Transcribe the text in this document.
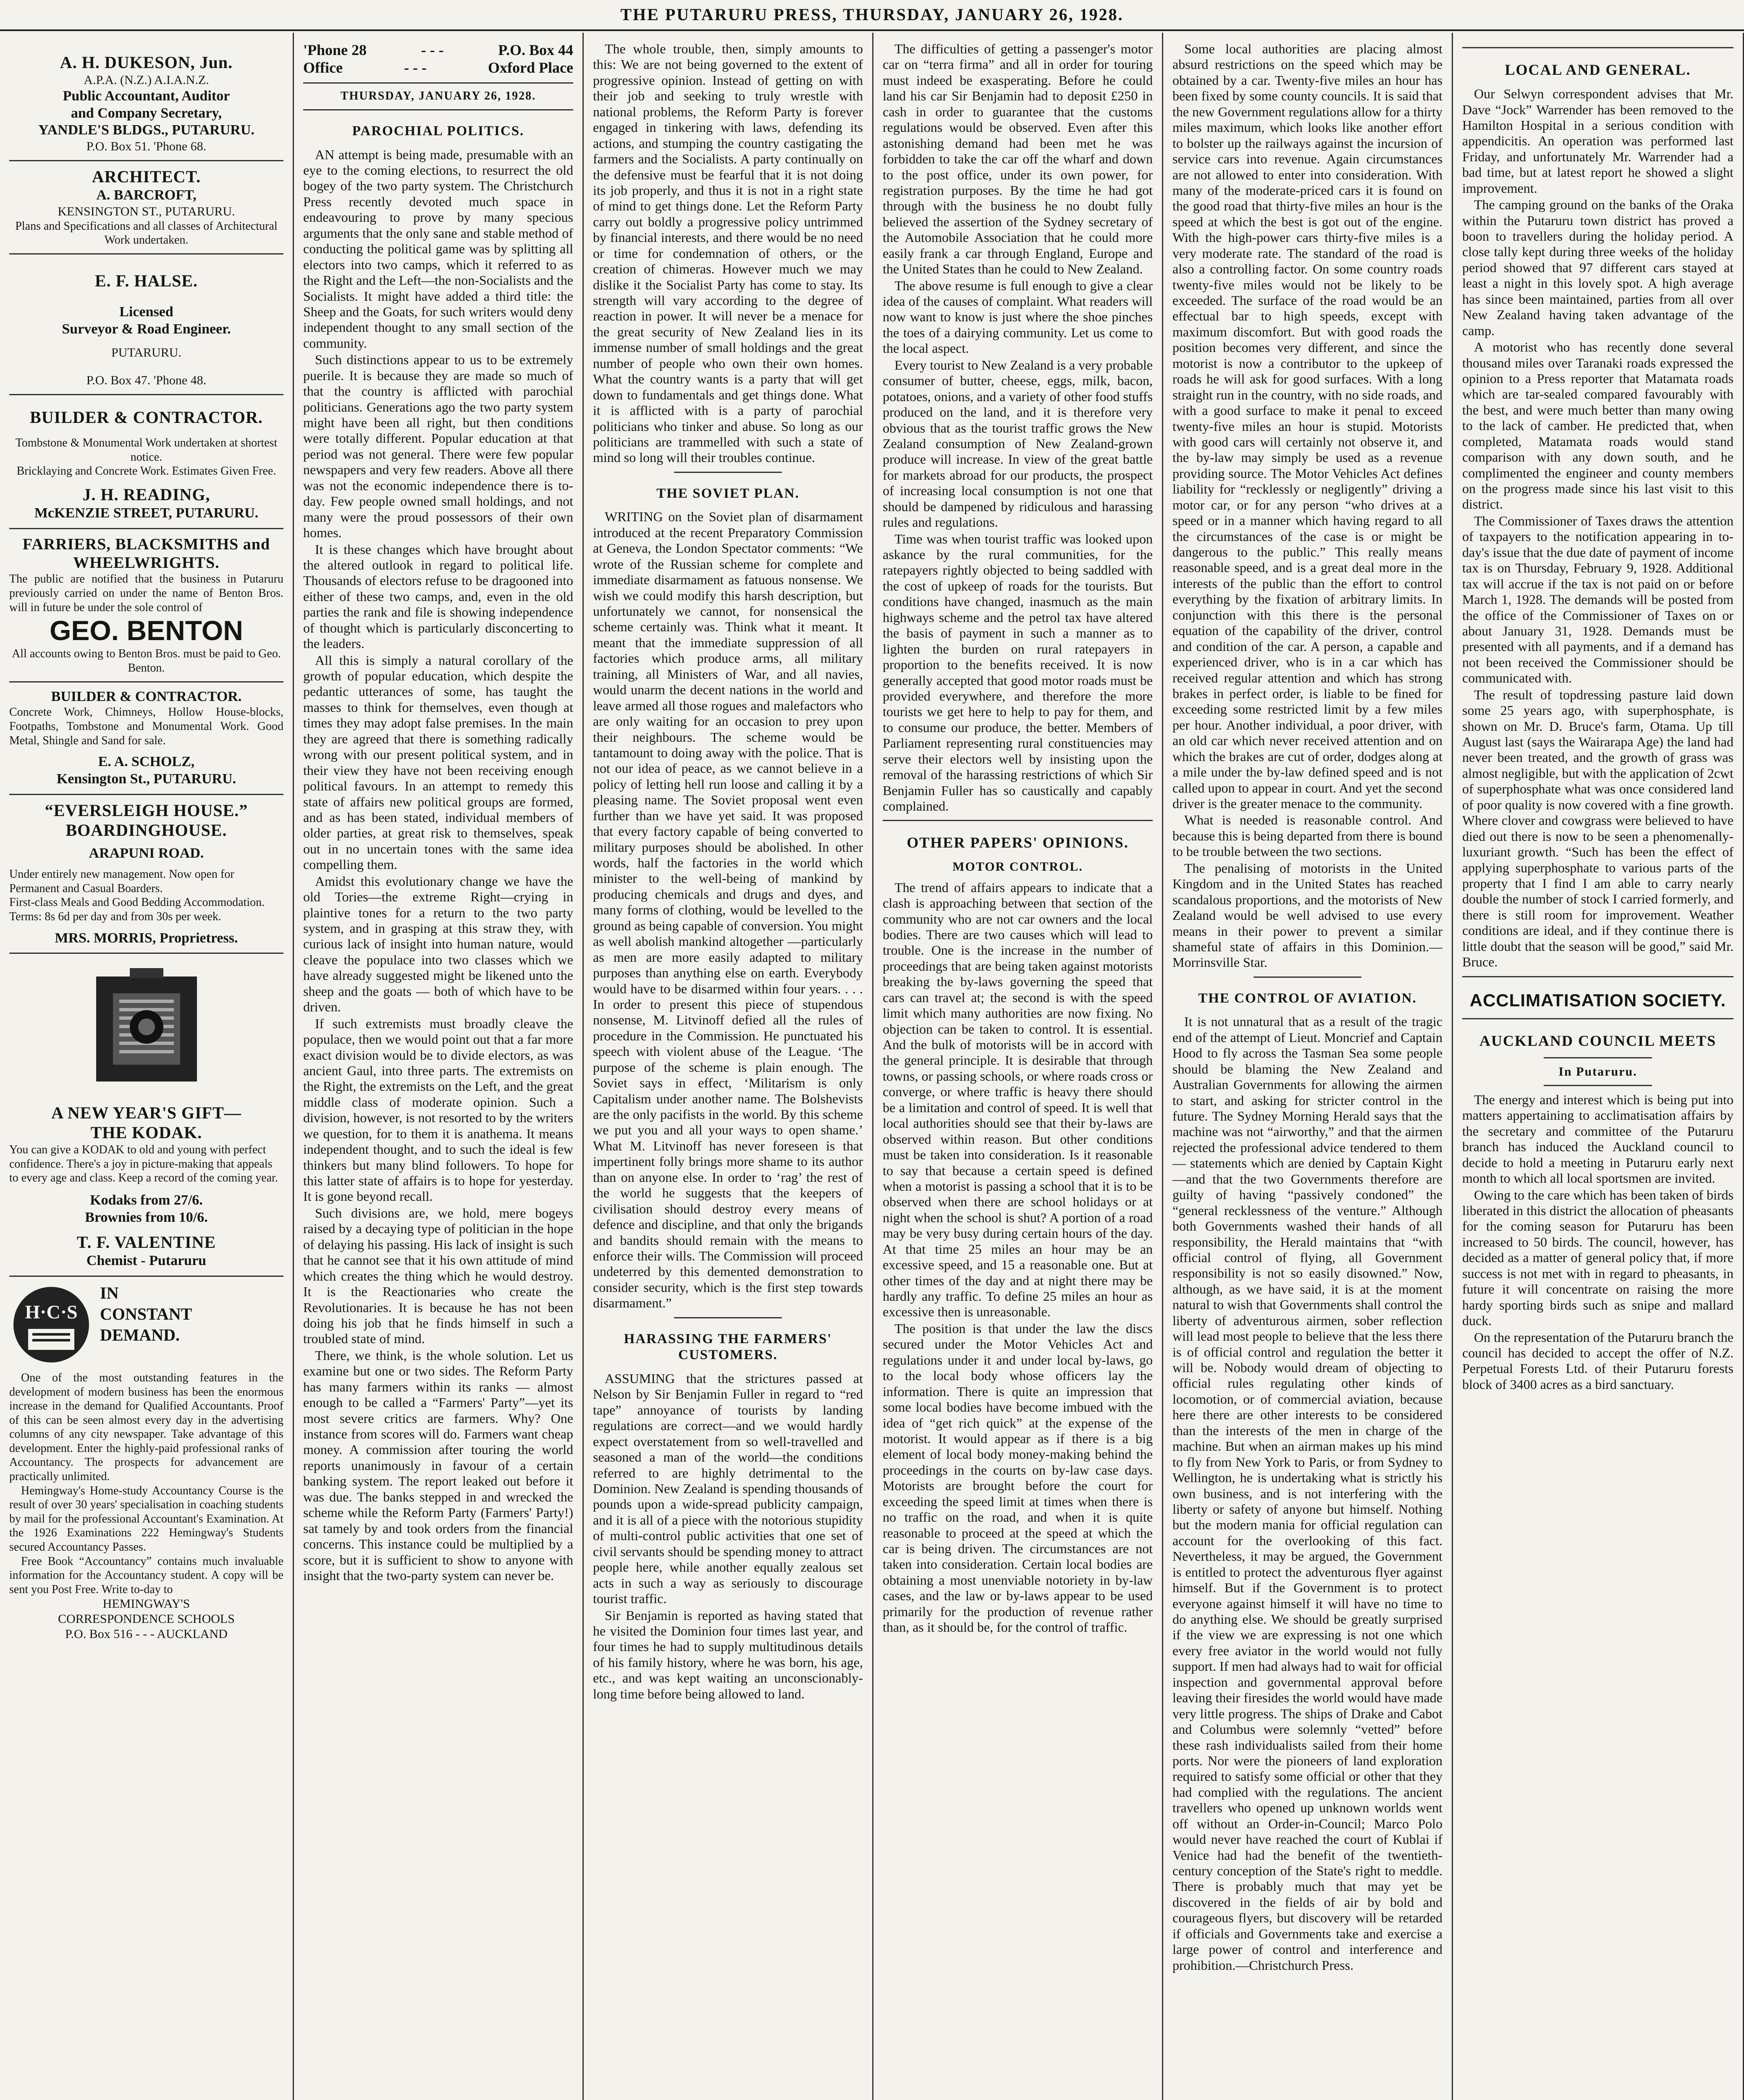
THE PUTARURU PRESS, THURSDAY, JANUARY 26, 1928.
A. H. DUKESON, Jun.
A.P.A. (N.Z.) A.I.A.N.Z.
Public Accountant, Auditor
and Company Secretary,
YANDLE'S BLDGS., PUTARURU.
P.O. Box 51. 'Phone 68.
ARCHITECT.
A. BARCROFT,
KENSINGTON ST., PUTARURU.
Plans and Specifications and all classes of Architectural Work undertaken.
E. F. HALSE.
Licensed
Surveyor & Road Engineer.
PUTARURU.
P.O. Box 47. 'Phone 48.
BUILDER & CONTRACTOR.
Tombstone & Monumental Work undertaken at shortest notice.
Bricklaying and Concrete Work. Estimates Given Free.
J. H. READING,
McKENZIE STREET, PUTARURU.
FARRIERS, BLACKSMITHS and WHEELWRIGHTS.
The public are notified that the business in Putaruru previously carried on under the name of Benton Bros. will in future be under the sole control of
GEO. BENTON
All accounts owing to Benton Bros. must be paid to Geo. Benton.
BUILDER & CONTRACTOR.
Concrete Work, Chimneys, Hollow House-blocks, Footpaths, Tombstone and Monumental Work. Good Metal, Shingle and Sand for sale.
E. A. SCHOLZ,
Kensington St., PUTARURU.
“EVERSLEIGH HOUSE.”
BOARDINGHOUSE.
ARAPUNI ROAD.
Under entirely new management. Now open for Permanent and Casual Boarders.
First-class Meals and Good Bedding Accommodation.
Terms: 8s 6d per day and from 30s per week.
MRS. MORRIS, Proprietress.
A NEW YEAR'S GIFT—
THE KODAK.
You can give a KODAK to old and young with perfect confidence. There's a joy in picture-making that appeals to every age and class. Keep a record of the coming year.
Kodaks from 27/6.
Brownies from 10/6.
T. F. VALENTINE
Chemist - Putaruru
H·C·S
IN
CONSTANT
DEMAND.

One of the most outstanding features in the development of modern business has been the enormous increase in the demand for Qualified Accountants. Proof of this can be seen almost every day in the advertising columns of any city newspaper. Take advantage of this development. Enter the highly-paid professional ranks of Accountancy. The prospects for advancement are practically unlimited.

Hemingway's Home-study Accountancy Course is the result of over 30 years' specialisation in coaching students by mail for the professional Accountant's Examination. At the 1926 Examinations 222 Hemingway's Students secured Accountancy Passes.

Free Book “Accountancy” contains much invaluable information for the Accountancy student. A copy will be sent you Post Free. Write to-day to

HEMINGWAY'S
CORRESPONDENCE SCHOOLS
P.O. Box 516 - - - AUCKLAND
'Phone 28	- - -	P.O. Box 44
Office	- - -	Oxford Place
THURSDAY, JANUARY 26, 1928.
PAROCHIAL POLITICS.

AN attempt is being made, presumable with an eye to the coming elections, to resurrect the old bogey of the two party system. The Christchurch Press recently devoted much space in endeavouring to prove by many specious arguments that the only sane and stable method of conducting the political game was by splitting all electors into two camps, which it referred to as the Right and the Left—the non-Socialists and the Socialists. It might have added a third title: the Sheep and the Goats, for such writers would deny independent thought to any small section of the community.

Such distinctions appear to us to be extremely puerile. It is because they are made so much of that the country is afflicted with parochial politicians. Generations ago the two party system might have been all right, but then conditions were totally different. Popular education at that period was not general. There were few popular newspapers and very few readers. Above all there was not the economic independence there is to-day. Few people owned small holdings, and not many were the proud possessors of their own homes.

It is these changes which have brought about the altered outlook in regard to political life. Thousands of electors refuse to be dragooned into either of these two camps, and, even in the old parties the rank and file is showing independence of thought which is particularly disconcerting to the leaders.

All this is simply a natural corollary of the growth of popular education, which despite the pedantic utterances of some, has taught the masses to think for themselves, even though at times they may adopt false premises. In the main they are agreed that there is something radically wrong with our present political system, and in their view they have not been receiving enough political favours. In an attempt to remedy this state of affairs new political groups are formed, and as has been stated, individual members of older parties, at great risk to themselves, speak out in no uncertain tones with the same idea compelling them.

Amidst this evolutionary change we have the old Tories—the extreme Right—crying in plaintive tones for a return to the two party system, and in grasping at this straw they, with curious lack of insight into human nature, would cleave the populace into two classes which we have already suggested might be likened unto the sheep and the goats — both of which have to be driven.

If such extremists must broadly cleave the populace, then we would point out that a far more exact division would be to divide electors, as was ancient Gaul, into three parts. The extremists on the Right, the extremists on the Left, and the great middle class of moderate opinion. Such a division, however, is not resorted to by the writers we question, for to them it is anathema. It means independent thought, and to such the ideal is few thinkers but many blind followers. To hope for this latter state of affairs is to hope for yesterday. It is gone beyond recall.

Such divisions are, we hold, mere bogeys raised by a decaying type of politician in the hope of delaying his passing. His lack of insight is such that he cannot see that it his own attitude of mind which creates the thing which he would destroy. It is the Reactionaries who create the Revolutionaries. It is because he has not been doing his job that he finds himself in such a troubled state of mind.

There, we think, is the whole solution. Let us examine but one or two sides. The Reform Party has many farmers within its ranks — almost enough to be called a “Farmers' Party”—yet its most severe critics are farmers. Why? One instance from scores will do. Farmers want cheap money. A commission after touring the world reports unanimously in favour of a certain banking system. The report leaked out before it was due. The banks stepped in and wrecked the scheme while the Reform Party (Farmers' Party!) sat tamely by and took orders from the financial concerns. This instance could be multiplied by a score, but it is sufficient to show to anyone with insight that the two-party system can never be.

The whole trouble, then, simply amounts to this: We are not being governed to the extent of progressive opinion. Instead of getting on with their job and seeking to truly wrestle with national problems, the Reform Party is forever engaged in tinkering with laws, defending its actions, and stumping the country castigating the farmers and the Socialists. A party continually on the defensive must be fearful that it is not doing its job properly, and thus it is not in a right state of mind to get things done. Let the Reform Party carry out boldly a progressive policy untrimmed by financial interests, and there would be no need or time for condemnation of others, or the creation of chimeras. However much we may dislike it the Socialist Party has come to stay. Its strength will vary according to the degree of reaction in power. It will never be a menace for the great security of New Zealand lies in its immense number of small holdings and the great number of people who own their own homes. What the country wants is a party that will get down to fundamentals and get things done. What it is afflicted with is a party of parochial politicians who tinker and abuse. So long as our politicians are trammelled with such a state of mind so long will their troubles continue.

THE SOVIET PLAN.

WRITING on the Soviet plan of disarmament introduced at the recent Preparatory Commission at Geneva, the London Spectator comments: “We wrote of the Russian scheme for complete and immediate disarmament as fatuous nonsense. We wish we could modify this harsh description, but unfortunately we cannot, for nonsensical the scheme certainly was. Think what it meant. It meant that the immediate suppression of all factories which produce arms, all military training, all Ministers of War, and all navies, would unarm the decent nations in the world and leave armed all those rogues and malefactors who are only waiting for an occasion to prey upon their neighbours. The scheme would be tantamount to doing away with the police. That is not our idea of peace, as we cannot believe in a policy of letting hell run loose and calling it by a pleasing name. The Soviet proposal went even further than we have yet said. It was proposed that every factory capable of being converted to military purposes should be abolished. In other words, half the factories in the world which minister to the well-being of mankind by producing chemicals and drugs and dyes, and many forms of clothing, would be levelled to the ground as being capable of conversion. You might as well abolish mankind altogether —particularly as men are more easily adapted to military purposes than anything else on earth. Everybody would have to be disarmed within four years. . . . In order to present this piece of stupendous nonsense, M. Litvinoff defied all the rules of procedure in the Commission. He punctuated his speech with violent abuse of the League. ‘The purpose of the scheme is plain enough. The Soviet says in effect, ‘Militarism is only Capitalism under another name. The Bolshevists are the only pacifists in the world. By this scheme we put you and all your ways to open shame.’ What M. Litvinoff has never foreseen is that impertinent folly brings more shame to its author than on anyone else. In order to ‘rag’ the rest of the world he suggests that the keepers of civilisation should destroy every means of defence and discipline, and that only the brigands and bandits should remain with the means to enforce their wills. The Commission will proceed undeterred by this demented demonstration to consider security, which is the first step towards disarmament.”

HARASSING THE FARMERS' CUSTOMERS.

ASSUMING that the strictures passed at Nelson by Sir Benjamin Fuller in regard to “red tape” annoyance of tourists by landing regulations are correct—and we would hardly expect overstatement from so well-travelled and seasoned a man of the world—the conditions referred to are highly detrimental to the Dominion. New Zealand is spending thousands of pounds upon a wide-spread publicity campaign, and it is all of a piece with the notorious stupidity of multi-control public activities that one set of civil servants should be spending money to attract people here, while another equally zealous set acts in such a way as seriously to discourage tourist traffic.

Sir Benjamin is reported as having stated that he visited the Dominion four times last year, and four times he had to supply multitudinous details of his family history, where he was born, his age, etc., and was kept waiting an unconscionably-long time before being allowed to land.

The difficulties of getting a passenger's motor car on “terra firma” and all in order for touring must indeed be exasperating. Before he could land his car Sir Benjamin had to deposit £250 in cash in order to guarantee that the customs regulations would be observed. Even after this astonishing demand had been met he was forbidden to take the car off the wharf and down to the post office, under its own power, for registration purposes. By the time he had got through with the business he no doubt fully believed the assertion of the Sydney secretary of the Automobile Association that he could more easily frank a car through England, Europe and the United States than he could to New Zealand.

The above resume is full enough to give a clear idea of the causes of complaint. What readers will now want to know is just where the shoe pinches the toes of a dairying community. Let us come to the local aspect.

Every tourist to New Zealand is a very probable consumer of butter, cheese, eggs, milk, bacon, potatoes, onions, and a variety of other food stuffs produced on the land, and it is therefore very obvious that as the tourist traffic grows the New Zealand consumption of New Zealand-grown produce will increase. In view of the great battle for markets abroad for our products, the prospect of increasing local consumption is not one that should be dampened by ridiculous and harassing rules and regulations.

Time was when tourist traffic was looked upon askance by the rural communities, for the ratepayers rightly objected to being saddled with the cost of upkeep of roads for the tourists. But conditions have changed, inasmuch as the main highways scheme and the petrol tax have altered the basis of payment in such a manner as to lighten the burden on rural ratepayers in proportion to the benefits received. It is now generally accepted that good motor roads must be provided everywhere, and therefore the more tourists we get here to help to pay for them, and to consume our produce, the better. Members of Parliament representing rural constituencies may serve their electors well by insisting upon the removal of the harassing restrictions of which Sir Benjamin Fuller has so caustically and capably complained.

OTHER PAPERS' OPINIONS.
MOTOR CONTROL.

The trend of affairs appears to indicate that a clash is approaching between that section of the community who are not car owners and the local bodies. There are two causes which will lead to trouble. One is the increase in the number of proceedings that are being taken against motorists breaking the by-laws governing the speed that cars can travel at; the second is with the speed limit which many authorities are now fixing. No objection can be taken to control. It is essential. And the bulk of motorists will be in accord with the general principle. It is desirable that through towns, or passing schools, or where roads cross or converge, or where traffic is heavy there should be a limitation and control of speed. It is well that local authorities should see that their by-laws are observed within reason. But other conditions must be taken into consideration. Is it reasonable to say that because a certain speed is defined when a motorist is passing a school that it is to be observed when there are school holidays or at night when the school is shut? A portion of a road may be very busy during certain hours of the day. At that time 25 miles an hour may be an excessive speed, and 15 a reasonable one. But at other times of the day and at night there may be hardly any traffic. To define 25 miles an hour as excessive then is unreasonable.

The position is that under the law the discs secured under the Motor Vehicles Act and regulations under it and under local by-laws, go to the local body whose officers lay the information. There is quite an impression that some local bodies have become imbued with the idea of “get rich quick” at the expense of the motorist. It would appear as if there is a big element of local body money-making behind the proceedings in the courts on by-law case days. Motorists are brought before the court for exceeding the speed limit at times when there is no traffic on the road, and when it is quite reasonable to proceed at the speed at which the car is being driven. The circumstances are not taken into consideration. Certain local bodies are obtaining a most unenviable notoriety in by-law cases, and the law or by-laws appear to be used primarily for the production of revenue rather than, as it should be, for the control of traffic.

Some local authorities are placing almost absurd restrictions on the speed which may be obtained by a car. Twenty-five miles an hour has been fixed by some county councils. It is said that the new Government regulations allow for a thirty miles maximum, which looks like another effort to bolster up the railways against the incursion of service cars into revenue. Again circumstances are not allowed to enter into consideration. With many of the moderate-priced cars it is found on the good road that thirty-five miles an hour is the speed at which the best is got out of the engine. With the high-power cars thirty-five miles is a very moderate rate. The standard of the road is also a controlling factor. On some country roads twenty-five miles would not be likely to be exceeded. The surface of the road would be an effectual bar to high speeds, except with maximum discomfort. But with good roads the position becomes very different, and since the motorist is now a contributor to the upkeep of roads he will ask for good surfaces. With a long straight run in the country, with no side roads, and with a good surface to make it penal to exceed twenty-five miles an hour is stupid. Motorists with good cars will certainly not observe it, and the by-law may simply be used as a revenue providing source. The Motor Vehicles Act defines liability for “recklessly or negligently” driving a motor car, or for any person “who drives at a speed or in a manner which having regard to all the circumstances of the case is or might be dangerous to the public.” This really means reasonable speed, and is a great deal more in the interests of the public than the effort to control everything by the fixation of arbitrary limits. In conjunction with this there is the personal equation of the capability of the driver, control and condition of the car. A person, a capable and experienced driver, who is in a car which has received regular attention and which has strong brakes in perfect order, is liable to be fined for exceeding some restricted limit by a few miles per hour. Another individual, a poor driver, with an old car which never received attention and on which the brakes are cut of order, dodges along at a mile under the by-law defined speed and is not called upon to appear in court. And yet the second driver is the greater menace to the community.

What is needed is reasonable control. And because this is being departed from there is bound to be trouble between the two sections.

The penalising of motorists in the United Kingdom and in the United States has reached scandalous proportions, and the motorists of New Zealand would be well advised to use every means in their power to prevent a similar shameful state of affairs in this Dominion.—Morrinsville Star.

THE CONTROL OF AVIATION.

It is not unnatural that as a result of the tragic end of the attempt of Lieut. Moncrief and Captain Hood to fly across the Tasman Sea some people should be blaming the New Zealand and Australian Governments for allowing the airmen to start, and asking for stricter control in the future. The Sydney Morning Herald says that the machine was not “airworthy,” and that the airmen rejected the professional advice tendered to them— statements which are denied by Captain Kight—and that the two Governments therefore are guilty of having “passively condoned” the “general recklessness of the venture.” Although both Governments washed their hands of all responsibility, the Herald maintains that “with official control of flying, all Government responsibility is not so easily disowned.” Now, although, as we have said, it is at the moment natural to wish that Governments shall control the liberty of adventurous airmen, sober reflection will lead most people to believe that the less there is of official control and regulation the better it will be. Nobody would dream of objecting to official rules regulating other kinds of locomotion, or of commercial aviation, because here there are other interests to be considered than the interests of the men in charge of the machine. But when an airman makes up his mind to fly from New York to Paris, or from Sydney to Wellington, he is undertaking what is strictly his own business, and is not interfering with the liberty or safety of anyone but himself. Nothing but the modern mania for official regulation can account for the overlooking of this fact. Nevertheless, it may be argued, the Government is entitled to protect the adventurous flyer against himself. But if the Government is to protect everyone against himself it will have no time to do anything else. We should be greatly surprised if the view we are expressing is not one which every free aviator in the world would not fully support. If men had always had to wait for official inspection and governmental approval before leaving their firesides the world would have made very little progress. The ships of Drake and Cabot and Columbus were solemnly “vetted” before these rash individualists sailed from their home ports. Nor were the pioneers of land exploration required to satisfy some official or other that they had complied with the regulations. The ancient travellers who opened up unknown worlds went off without an Order-in-Council; Marco Polo would never have reached the court of Kublai if Venice had had the benefit of the twentieth-century conception of the State's right to meddle. There is probably much that may yet be discovered in the fields of air by bold and courageous flyers, but discovery will be retarded if officials and Governments take and exercise a large power of control and interference and prohibition.—Christchurch Press.

LOCAL AND GENERAL.

Our Selwyn correspondent advises that Mr. Dave “Jock” Warrender has been removed to the Hamilton Hospital in a serious condition with appendicitis. An operation was performed last Friday, and unfortunately Mr. Warrender had a bad time, but at latest report he showed a slight improvement.

The camping ground on the banks of the Oraka within the Putaruru town district has proved a boon to travellers during the holiday period. A close tally kept during three weeks of the holiday period showed that 97 different cars stayed at least a night in this lovely spot. A high average has since been maintained, parties from all over New Zealand having taken advantage of the camp.

A motorist who has recently done several thousand miles over Taranaki roads expressed the opinion to a Press reporter that Matamata roads which are tar-sealed compared favourably with the best, and were much better than many owing to the lack of camber. He predicted that, when completed, Matamata roads would stand comparison with any down south, and he complimented the engineer and county members on the progress made since his last visit to this district.

The Commissioner of Taxes draws the attention of taxpayers to the notification appearing in to-day's issue that the due date of payment of income tax is on Thursday, February 9, 1928. Additional tax will accrue if the tax is not paid on or before March 1, 1928. The demands will be posted from the office of the Commissioner of Taxes on or about January 31, 1928. Demands must be presented with all payments, and if a demand has not been received the Commissioner should be communicated with.

The result of topdressing pasture laid down some 25 years ago, with superphosphate, is shown on Mr. D. Bruce's farm, Otama. Up till August last (says the Wairarapa Age) the land had never been treated, and the growth of grass was almost negligible, but with the application of 2cwt of superphosphate what was once considered land of poor quality is now covered with a fine growth. Where clover and cowgrass were believed to have died out there is now to be seen a phenomenally-luxuriant growth. “Such has been the effect of applying superphosphate to various parts of the property that I find I am able to carry nearly double the number of stock I carried formerly, and there is still room for improvement. Weather conditions are ideal, and if they continue there is little doubt that the season will be good,” said Mr. Bruce.

ACCLIMATISATION SOCIETY.
AUCKLAND COUNCIL MEETS
In Putaruru.

The energy and interest which is being put into matters appertaining to acclimatisation affairs by the secretary and committee of the Putaruru branch has induced the Auckland council to decide to hold a meeting in Putaruru early next month to which all local sportsmen are invited.

Owing to the care which has been taken of birds liberated in this district the allocation of pheasants for the coming season for Putaruru has been increased to 50 birds. The council, however, has decided as a matter of general policy that, if more success is not met with in regard to pheasants, in future it will concentrate on raising the more hardy sporting birds such as snipe and mallard duck.

On the representation of the Putaruru branch the council has decided to accept the offer of N.Z. Perpetual Forests Ltd. of their Putaruru forests block of 3400 acres as a bird sanctuary.
